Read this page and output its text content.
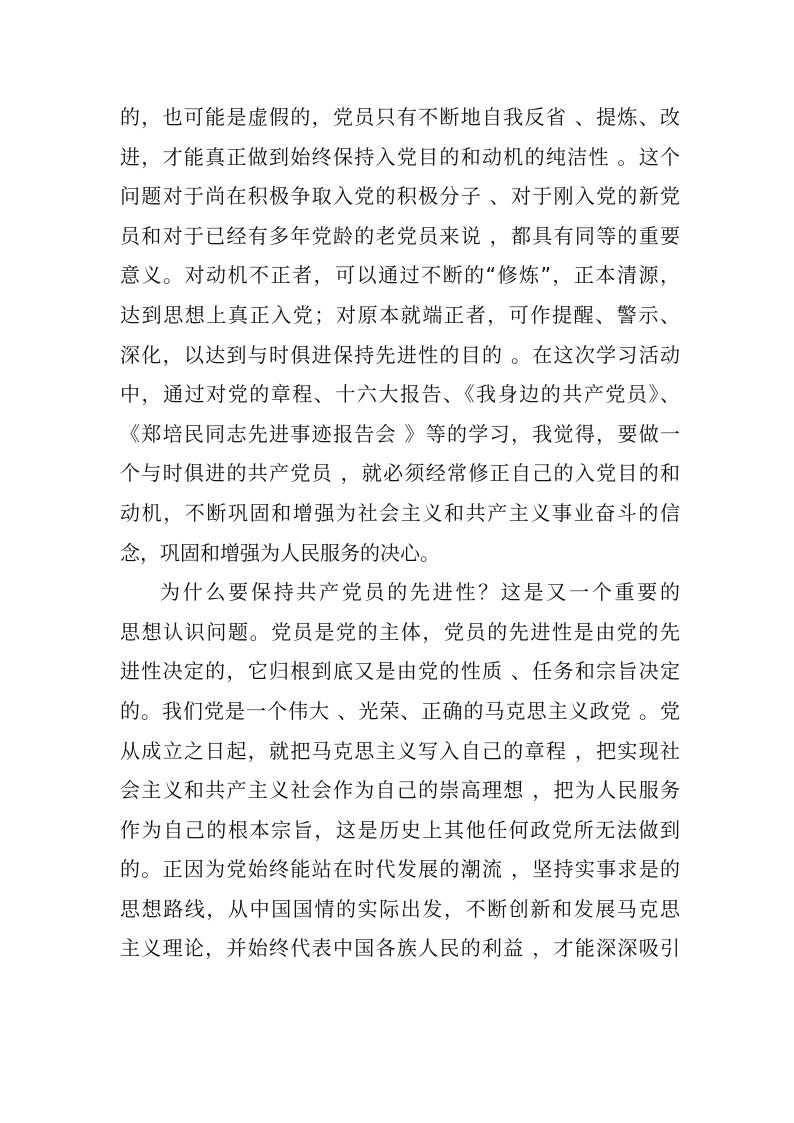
的，也可能是虚假的，党员只有不断地自我反省 、提炼、改
进，才能真正做到始终保持入党目的和动机的纯洁性 。这个
问题对于尚在积极争取入党的积极分子 、对于刚入党的新党
员和对于已经有多年党龄的老党员来说 ，都具有同等的重要
意义。对动机不正者，可以通过不断的“修炼”，正本清源，
达到思想上真正入党；对原本就端正者，可作提醒、警示、
深化，以达到与时俱进保持先进性的目的 。在这次学习活动
中，通过对党的章程、十六大报告、《我身边的共产党员》、
《郑培民同志先进事迹报告会 》等的学习，我觉得，要做一
个与时俱进的共产党员 ，就必须经常修正自己的入党目的和
动机，不断巩固和增强为社会主义和共产主义事业奋斗的信
念，巩固和增强为人民服务的决心。
为什么要保持共产党员的先进性？这是又一个重要的
思想认识问题。党员是党的主体，党员的先进性是由党的先
进性决定的，它归根到底又是由党的性质 、任务和宗旨决定
的。我们党是一个伟大 、光荣、正确的马克思主义政党 。党
从成立之日起，就把马克思主义写入自己的章程 ，把实现社
会主义和共产主义社会作为自己的崇高理想 ，把为人民服务
作为自己的根本宗旨，这是历史上其他任何政党所无法做到
的。正因为党始终能站在时代发展的潮流 ，坚持实事求是的
思想路线，从中国国情的实际出发，不断创新和发展马克思
主义理论，并始终代表中国各族人民的利益 ，才能深深吸引
